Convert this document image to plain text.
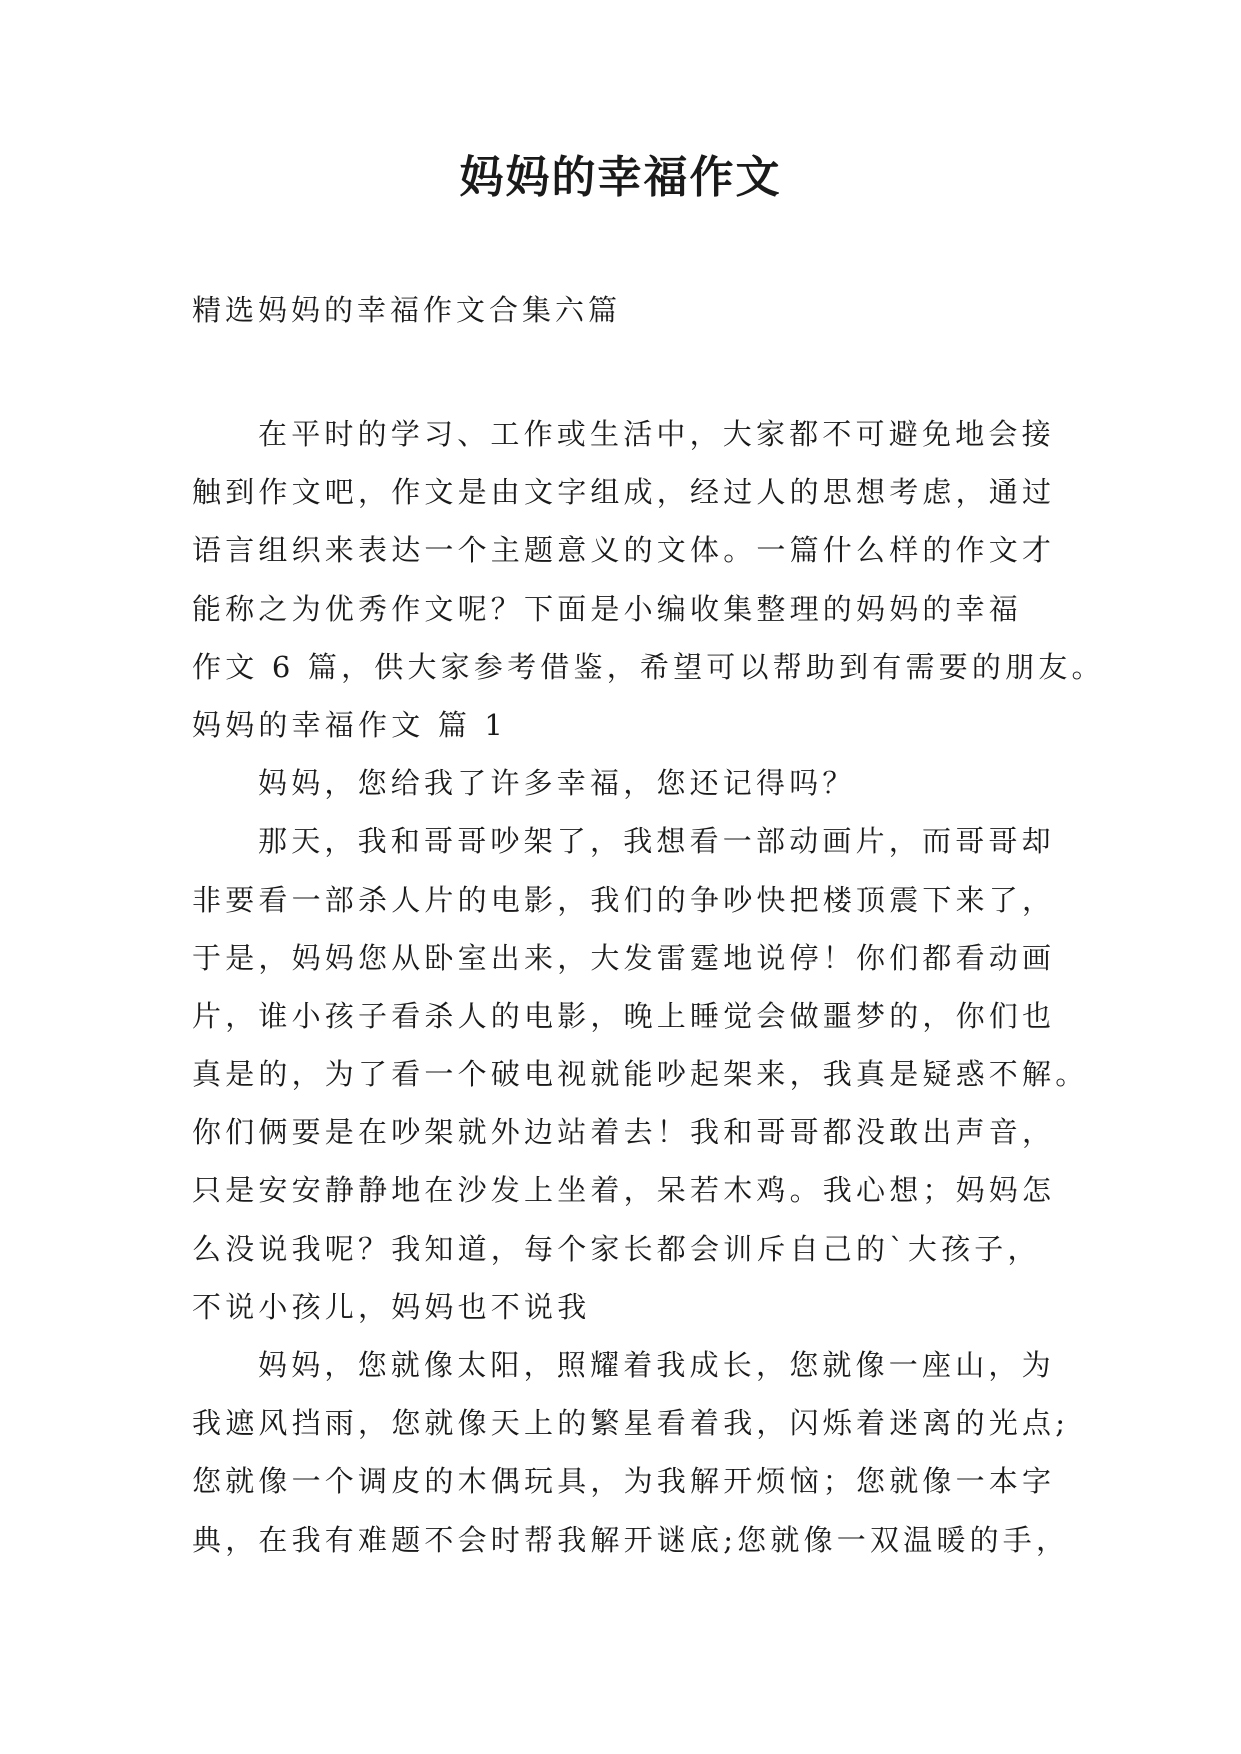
妈妈的幸福作文

精选妈妈的幸福作文合集六篇

在平时的学习、工作或生活中，大家都不可避免地会接
触到作文吧，作文是由文字组成，经过人的思想考虑，通过
语言组织来表达一个主题意义的文体。一篇什么样的作文才
能称之为优秀作文呢？下面是小编收集整理的妈妈的幸福
作文 6 篇，供大家参考借鉴，希望可以帮助到有需要的朋友。
妈妈的幸福作文 篇 1
妈妈，您给我了许多幸福，您还记得吗？
那天，我和哥哥吵架了，我想看一部动画片，而哥哥却
非要看一部杀人片的电影，我们的争吵快把楼顶震下来了，
于是，妈妈您从卧室出来，大发雷霆地说停！你们都看动画
片，谁小孩子看杀人的电影，晚上睡觉会做噩梦的，你们也
真是的，为了看一个破电视就能吵起架来，我真是疑惑不解。
你们俩要是在吵架就外边站着去！我和哥哥都没敢出声音，
只是安安静静地在沙发上坐着，呆若木鸡。我心想；妈妈怎
么没说我呢？我知道，每个家长都会训斥自己的`大孩子，
不说小孩儿，妈妈也不说我
妈妈，您就像太阳，照耀着我成长，您就像一座山，为
我遮风挡雨，您就像天上的繁星看着我，闪烁着迷离的光点;
您就像一个调皮的木偶玩具，为我解开烦恼；您就像一本字
典，在我有难题不会时帮我解开谜底;您就像一双温暖的手，
